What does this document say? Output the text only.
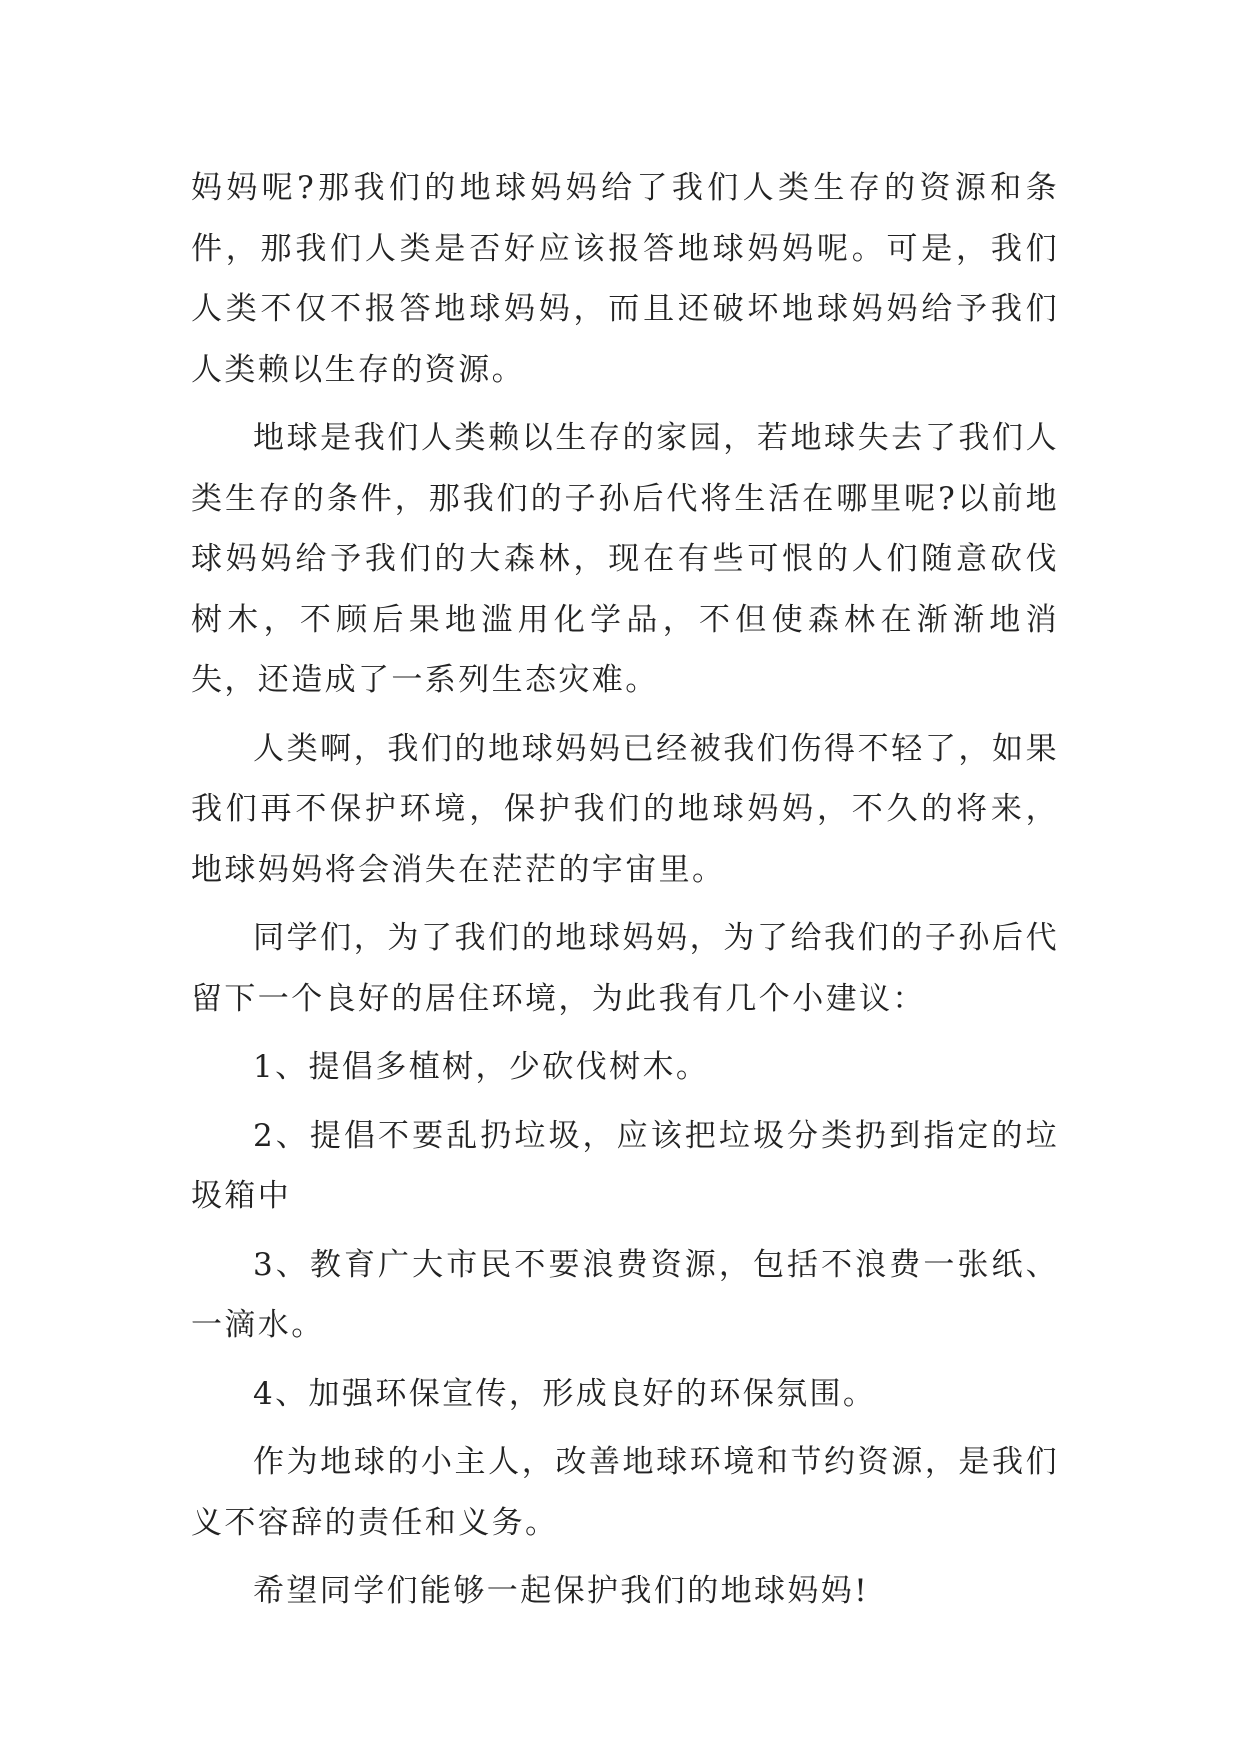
妈妈呢?那我们的地球妈妈给了我们人类生存的资源和条件，那我们人类是否好应该报答地球妈妈呢。可是，我们人类不仅不报答地球妈妈，而且还破坏地球妈妈给予我们人类赖以生存的资源。

地球是我们人类赖以生存的家园，若地球失去了我们人类生存的条件，那我们的子孙后代将生活在哪里呢?以前地球妈妈给予我们的大森林，现在有些可恨的人们随意砍伐树木，不顾后果地滥用化学品，不但使森林在渐渐地消失，还造成了一系列生态灾难。

人类啊，我们的地球妈妈已经被我们伤得不轻了，如果我们再不保护环境，保护我们的地球妈妈，不久的将来，地球妈妈将会消失在茫茫的宇宙里。

同学们，为了我们的地球妈妈，为了给我们的子孙后代留下一个良好的居住环境，为此我有几个小建议：

1、提倡多植树，少砍伐树木。

2、提倡不要乱扔垃圾，应该把垃圾分类扔到指定的垃圾箱中

3、教育广大市民不要浪费资源，包括不浪费一张纸、一滴水。

4、加强环保宣传，形成良好的环保氛围。

作为地球的小主人，改善地球环境和节约资源，是我们义不容辞的责任和义务。

希望同学们能够一起保护我们的地球妈妈!
